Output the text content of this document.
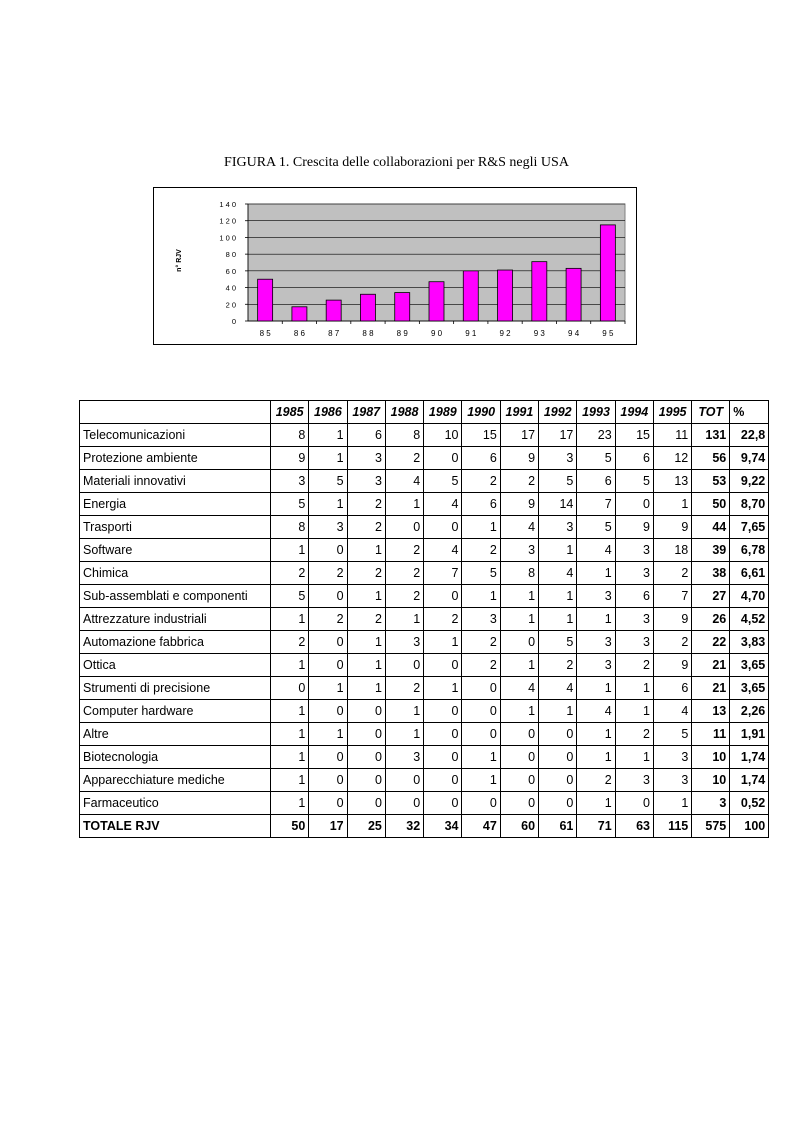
FIGURA 1. Crescita delle collaborazioni per R&S negli USA
0
2 0
4 0
6 0
8 0
1 0 0
1 2 0
1 4 0
8 5	8 6	8 7	8 8	8 9	9 0	9 1	9 2	9 3	9 4	9 5
n° RJV
	1985	1986	1987	1988	1989	1990	1991	1992	1993	1994	1995	TOT	%
Telecomunicazioni	8	1	6	8	10	15	17	17	23	15	11	131	22,8
Protezione ambiente	9	1	3	2	0	6	9	3	5	6	12	56	9,74
Materiali innovativi	3	5	3	4	5	2	2	5	6	5	13	53	9,22
Energia	5	1	2	1	4	6	9	14	7	0	1	50	8,70
Trasporti	8	3	2	0	0	1	4	3	5	9	9	44	7,65
Software	1	0	1	2	4	2	3	1	4	3	18	39	6,78
Chimica	2	2	2	2	7	5	8	4	1	3	2	38	6,61
Sub-assemblati e componenti	5	0	1	2	0	1	1	1	3	6	7	27	4,70
Attrezzature industriali	1	2	2	1	2	3	1	1	1	3	9	26	4,52
Automazione fabbrica	2	0	1	3	1	2	0	5	3	3	2	22	3,83
Ottica	1	0	1	0	0	2	1	2	3	2	9	21	3,65
Strumenti di precisione	0	1	1	2	1	0	4	4	1	1	6	21	3,65
Computer hardware	1	0	0	1	0	0	1	1	4	1	4	13	2,26
Altre	1	1	0	1	0	0	0	0	1	2	5	11	1,91
Biotecnologia	1	0	0	3	0	1	0	0	1	1	3	10	1,74
Apparecchiature mediche	1	0	0	0	0	1	0	0	2	3	3	10	1,74
Farmaceutico	1	0	0	0	0	0	0	0	1	0	1	3	0,52
TOTALE RJV	50	17	25	32	34	47	60	61	71	63	115	575	100
